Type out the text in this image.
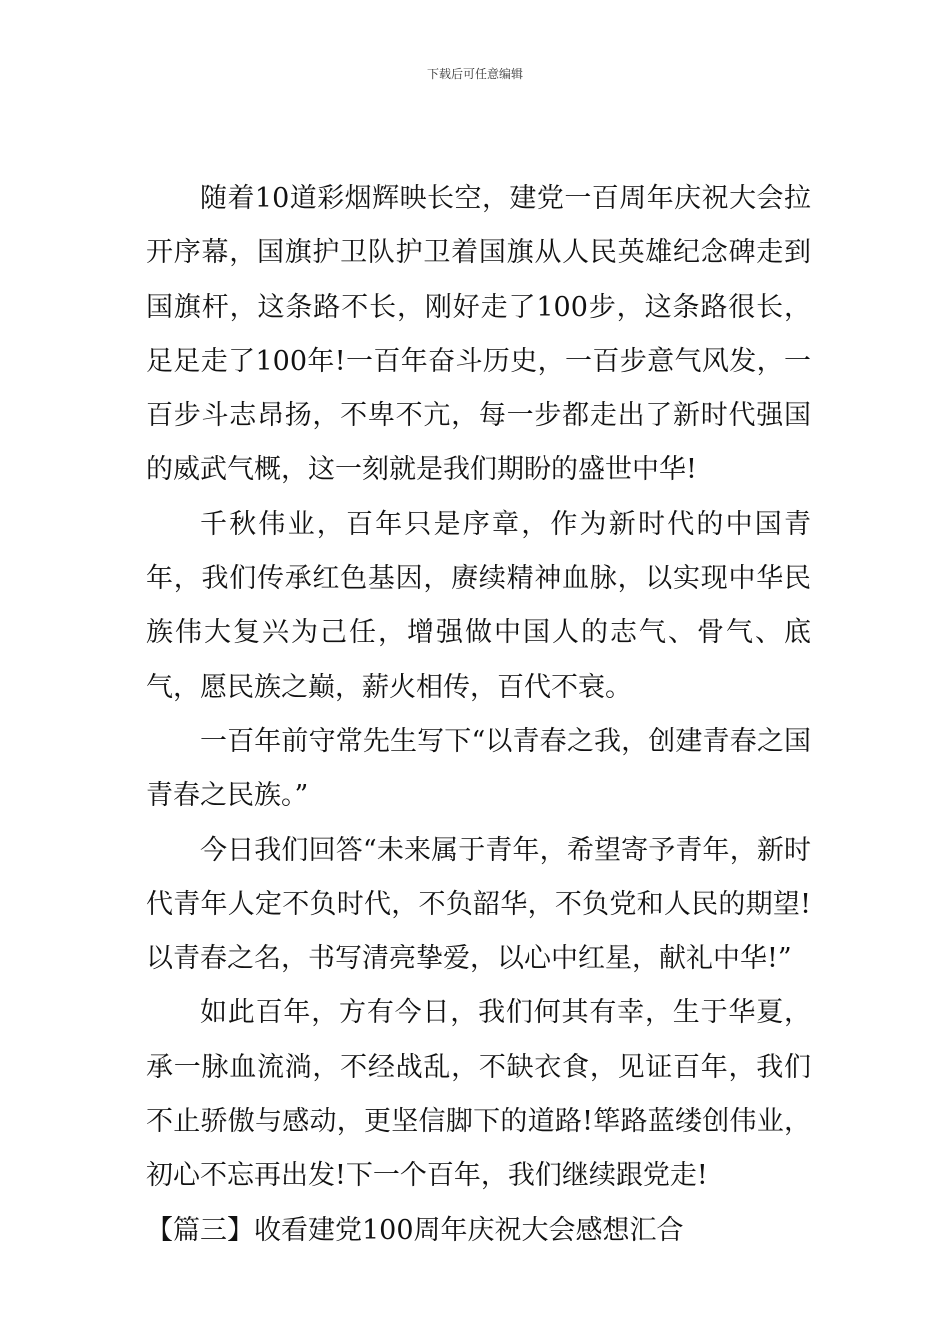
下载后可任意编辑

随着10道彩烟辉映长空，建党一百周年庆祝大会拉开序幕，国旗护卫队护卫着国旗从人民英雄纪念碑走到国旗杆，这条路不长，刚好走了100步，这条路很长，足足走了100年!一百年奋斗历史，一百步意气风发，一百步斗志昂扬，不卑不亢，每一步都走出了新时代强国的威武气概，这一刻就是我们期盼的盛世中华!

千秋伟业，百年只是序章，作为新时代的中国青年，我们传承红色基因，赓续精神血脉，以实现中华民族伟大复兴为己任，增强做中国人的志气、骨气、底气，愿民族之巅，薪火相传，百代不衰。

一百年前守常先生写下“以青春之我，创建青春之国青春之民族。”

今日我们回答“未来属于青年，希望寄予青年，新时代青年人定不负时代，不负韶华，不负党和人民的期望!以青春之名，书写清亮挚爱，以心中红星，献礼中华!”

如此百年，方有今日，我们何其有幸，生于华夏，承一脉血流淌，不经战乱，不缺衣食，见证百年，我们不止骄傲与感动，更坚信脚下的道路!筚路蓝缕创伟业，初心不忘再出发!下一个百年，我们继续跟党走!

【篇三】收看建党100周年庆祝大会感想汇合
